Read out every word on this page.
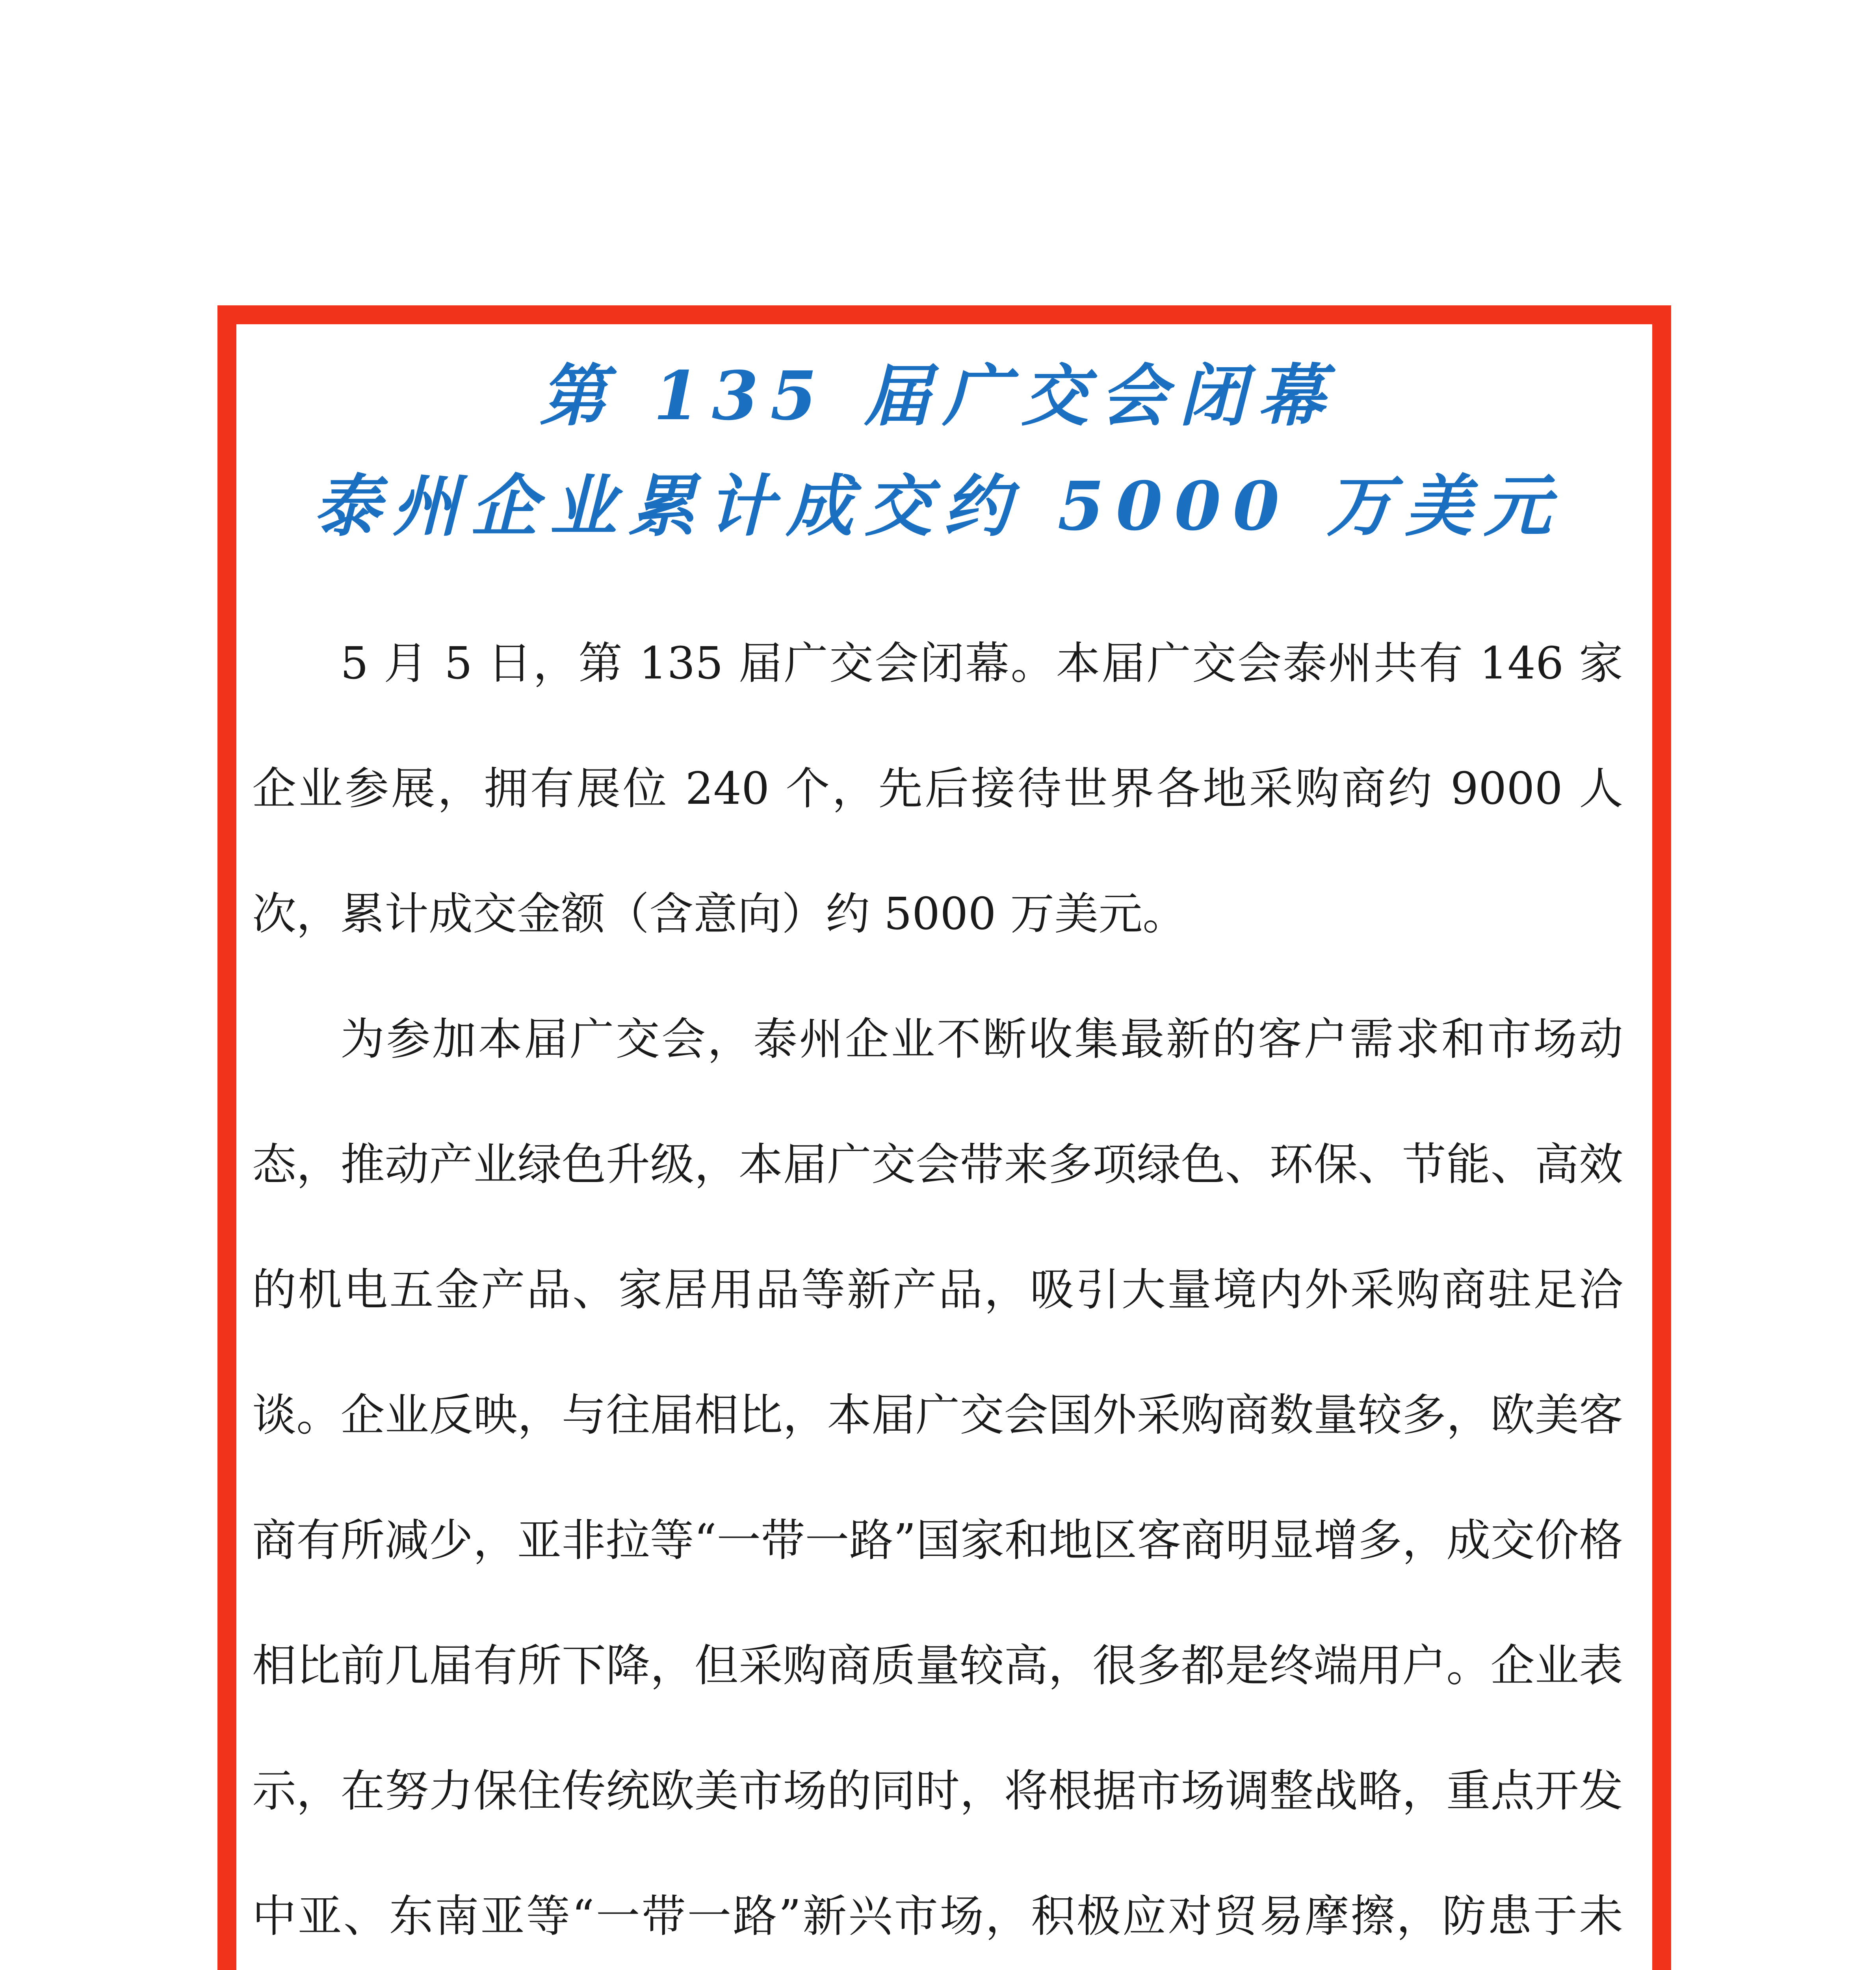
第 135 届广交会闭幕
泰州企业累计成交约 5000 万美元

5 月 5 日，第 135 届广交会闭幕。本届广交会泰州共有 146 家企业参展，拥有展位 240 个，先后接待世界各地采购商约 9000 人次，累计成交金额（含意向）约 5000 万美元。

为参加本届广交会，泰州企业不断收集最新的客户需求和市场动态，推动产业绿色升级，本届广交会带来多项绿色、环保、节能、高效的机电五金产品、家居用品等新产品，吸引大量境内外采购商驻足洽谈。企业反映，与往届相比，本届广交会国外采购商数量较多，欧美客商有所减少，亚非拉等“一带一路”国家和地区客商明显增多，成交价格相比前几届有所下降，但采购商质量较高，很多都是终端用户。企业表示，在努力保住传统欧美市场的同时，将根据市场调整战略，重点开发中亚、东南亚等“一带一路”新兴市场，积极应对贸易摩擦，防患于未
